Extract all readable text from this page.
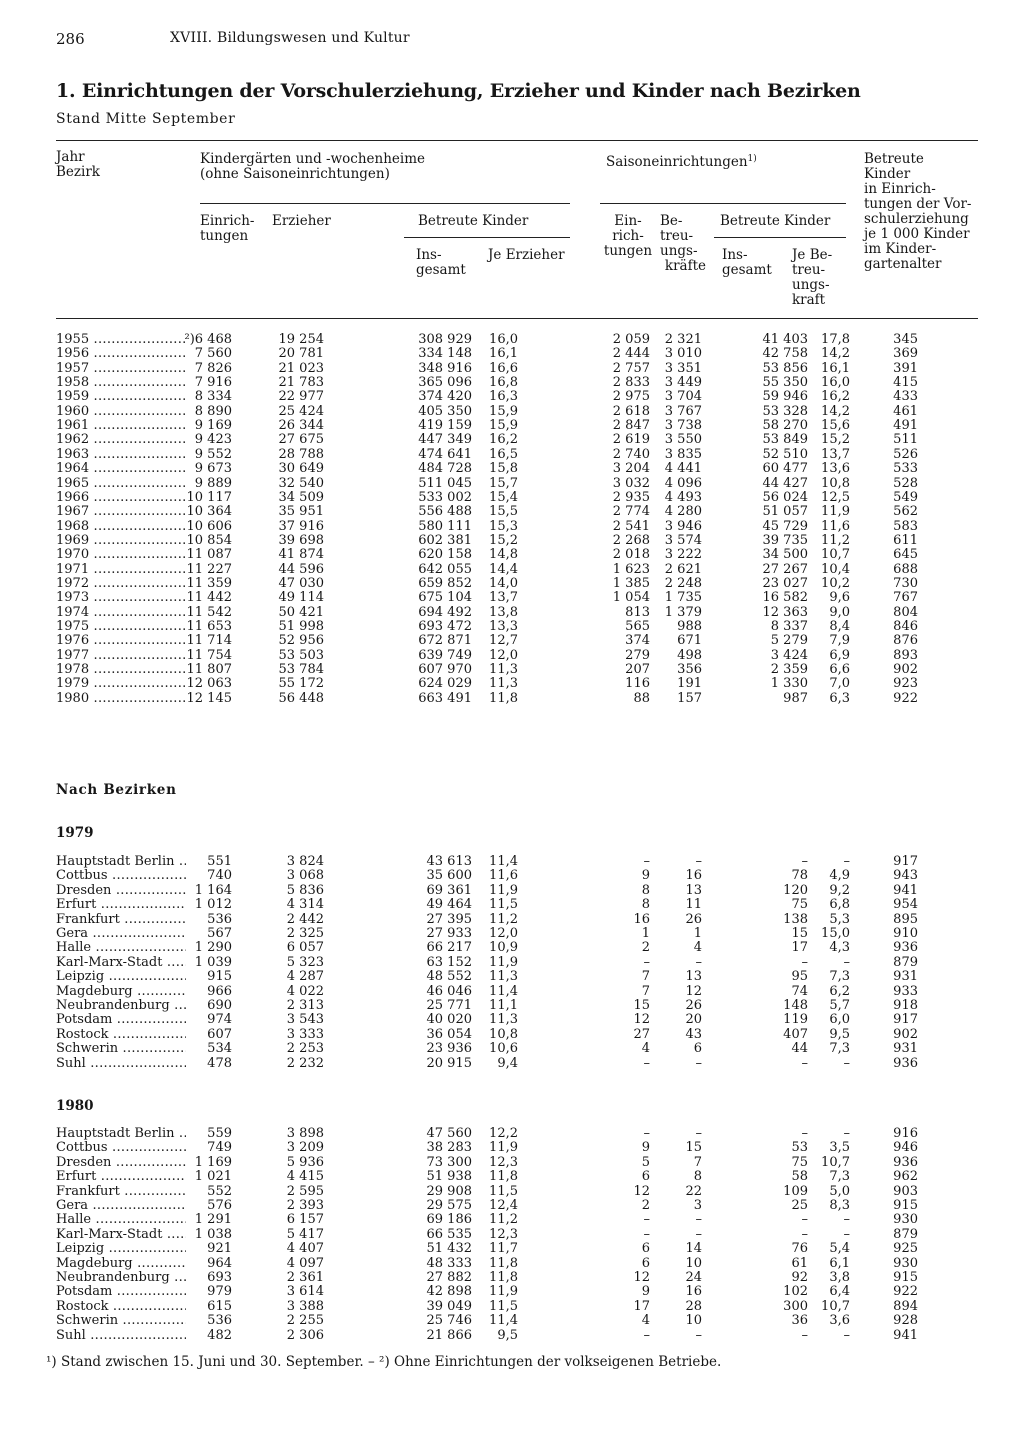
286	XVIII. Bildungswesen und Kultur
1. Einrichtungen der Vorschulerziehung, Erzieher und Kinder nach Bezirken
Stand Mitte September
Jahr
Bezirk
Kindergärten und -wochenheime
(ohne Saisoneinrichtungen)
Einrich-
tungen
Erzieher	Betreute Kinder
Ins-
gesamt
Je Erzieher
Saisoneinrichtungen$^{1)}$
Ein-
rich-
tungen
Be-
treu-
ungs-
kräfte
Betreute Kinder
Ins-
gesamt
Je Be-
treu-
ungs-
kraft
Betreute
Kinder
in Einrich-
tungen der Vor-
schulerziehung
je 1 000 Kinder
im Kinder-
gartenalter
1955 .....	²)6 468	19 254	308 929	16,0	2 059	2 321	41 403	17,8	345
1956 .....	7 560	20 781	334 148	16,1	2 444	3 010	42 758	14,2	369
1957 .....	7 826	21 023	348 916	16,6	2 757	3 351	53 856	16,1	391
1958 .....	7 916	21 783	365 096	16,8	2 833	3 449	55 350	16,0	415
1959 .....	8 334	22 977	374 420	16,3	2 975	3 704	59 946	16,2	433
1960 .....	8 890	25 424	405 350	15,9	2 618	3 767	53 328	14,2	461
1961 .....	9 169	26 344	419 159	15,9	2 847	3 738	58 270	15,6	491
1962 .....	9 423	27 675	447 349	16,2	2 619	3 550	53 849	15,2	511
1963 .....	9 552	28 788	474 641	16,5	2 740	3 835	52 510	13,7	526
1964 .....	9 673	30 649	484 728	15,8	3 204	4 441	60 477	13,6	533
1965 .....	9 889	32 540	511 045	15,7	3 032	4 096	44 427	10,8	528
1966 .....	10 117	34 509	533 002	15,4	2 935	4 493	56 024	12,5	549
1967 .....	10 364	35 951	556 488	15,5	2 774	4 280	51 057	11,9	562
1968 .....	10 606	37 916	580 111	15,3	2 541	3 946	45 729	11,6	583
1969 .....	10 854	39 698	602 381	15,2	2 268	3 574	39 735	11,2	611
1970 .....	11 087	41 874	620 158	14,8	2 018	3 222	34 500	10,7	645
1971 .....	11 227	44 596	642 055	14,4	1 623	2 621	27 267	10,4	688
1972 .....	11 359	47 030	659 852	14,0	1 385	2 248	23 027	10,2	730
1973 .....	11 442	49 114	675 104	13,7	1 054	1 735	16 582	9,6	767
1974 .....	11 542	50 421	694 492	13,8	813	1 379	12 363	9,0	804
1975 .....	11 653	51 998	693 472	13,3	565	988	8 337	8,4	846
1976 .....	11 714	52 956	672 871	12,7	374	671	5 279	7,9	876
1977 .....	11 754	53 503	639 749	12,0	279	498	3 424	6,9	893
1978 .....	11 807	53 784	607 970	11,3	207	356	2 359	6,6	902
1979 .....	12 063	55 172	624 029	11,3	116	191	1 330	7,0	923
1980 .....	12 145	56 448	663 491	11,8	88	157	987	6,3	922
Nach Bezirken
1979
Hauptstadt Berlin .....	551	3 824	43 613	11,4	–	–	–	–	917
Cottbus .....	740	3 068	35 600	11,6	9	16	78	4,9	943
Dresden .....	1 164	5 836	69 361	11,9	8	13	120	9,2	941
Erfurt .....	1 012	4 314	49 464	11,5	8	11	75	6,8	954
Frankfurt .....	536	2 442	27 395	11,2	16	26	138	5,3	895
Gera .....	567	2 325	27 933	12,0	1	1	15	15,0	910
Halle .....	1 290	6 057	66 217	10,9	2	4	17	4,3	936
Karl-Marx-Stadt .....	1 039	5 323	63 152	11,9	–	–	–	–	879
Leipzig .....	915	4 287	48 552	11,3	7	13	95	7,3	931
Magdeburg .....	966	4 022	46 046	11,4	7	12	74	6,2	933
Neubrandenburg .....	690	2 313	25 771	11,1	15	26	148	5,7	918
Potsdam .....	974	3 543	40 020	11,3	12	20	119	6,0	917
Rostock .....	607	3 333	36 054	10,8	27	43	407	9,5	902
Schwerin .....	534	2 253	23 936	10,6	4	6	44	7,3	931
Suhl .....	478	2 232	20 915	9,4	–	–	–	–	936
1980
Hauptstadt Berlin .....	559	3 898	47 560	12,2	–	–	–	–	916
Cottbus .....	749	3 209	38 283	11,9	9	15	53	3,5	946
Dresden .....	1 169	5 936	73 300	12,3	5	7	75	10,7	936
Erfurt .....	1 021	4 415	51 938	11,8	6	8	58	7,3	962
Frankfurt .....	552	2 595	29 908	11,5	12	22	109	5,0	903
Gera .....	576	2 393	29 575	12,4	2	3	25	8,3	915
Halle .....	1 291	6 157	69 186	11,2	–	–	–	–	930
Karl-Marx-Stadt .....	1 038	5 417	66 535	12,3	–	–	–	–	879
Leipzig .....	921	4 407	51 432	11,7	6	14	76	5,4	925
Magdeburg .....	964	4 097	48 333	11,8	6	10	61	6,1	930
Neubrandenburg .....	693	2 361	27 882	11,8	12	24	92	3,8	915
Potsdam .....	979	3 614	42 898	11,9	9	16	102	6,4	922
Rostock .....	615	3 388	39 049	11,5	17	28	300	10,7	894
Schwerin .....	536	2 255	25 746	11,4	4	10	36	3,6	928
Suhl .....	482	2 306	21 866	9,5	–	–	–	–	941
¹) Stand zwischen 15. Juni und 30. September. – ²) Ohne Einrichtungen der volkseigenen Betriebe.
